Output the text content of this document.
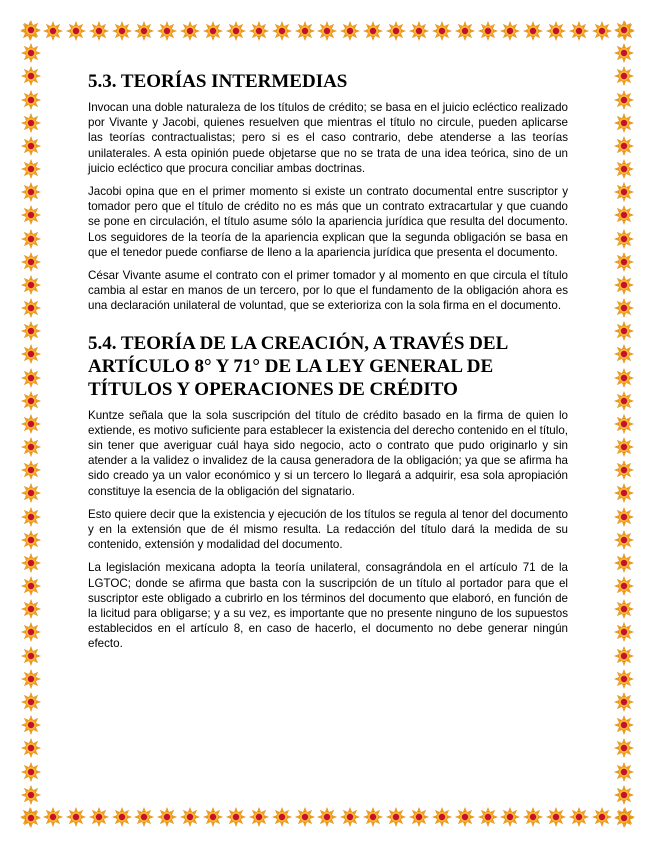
5.3. TEORÍAS INTERMEDIAS

Invocan una doble naturaleza de los títulos de crédito; se basa en el juicio ecléctico realizado por Vivante y Jacobi, quienes resuelven que mientras el título no circule, pueden aplicarse las teorías contractualistas; pero si es el caso contrario, debe atenderse a las teorías unilaterales. A esta opinión puede objetarse que no se trata de una idea teórica, sino de un juicio ecléctico que procura conciliar ambas doctrinas.

Jacobi opina que en el primer momento si existe un contrato documental entre suscriptor y tomador pero que el título de crédito no es más que un contrato extracartular y que cuando se pone en circulación, el título asume sólo la apariencia jurídica que resulta del documento. Los seguidores de la teoría de la apariencia explican que la segunda obligación se basa en que el tenedor puede confiarse de lleno a la apariencia jurídica que presenta el documento.

César Vivante asume el contrato con el primer tomador y al momento en que circula el título cambia al estar en manos de un tercero, por lo que el fundamento de la obligación ahora es una declaración unilateral de voluntad, que se exterioriza con la sola firma en el documento.

5.4. TEORÍA DE LA CREACIÓN, A TRAVÉS DEL ARTÍCULO 8° Y 71° DE LA LEY GENERAL DE TÍTULOS Y OPERACIONES DE CRÉDITO

Kuntze señala que la sola suscripción del título de crédito basado en la firma de quien lo extiende, es motivo suficiente para establecer la existencia del derecho contenido en el título, sin tener que averiguar cuál haya sido negocio, acto o contrato que pudo originarlo y sin atender a la validez o invalidez de la causa generadora de la obligación; ya que se afirma ha sido creado ya un valor económico y si un tercero lo llegará a adquirir, esa sola apropiación constituye la esencia de la obligación del signatario.

Esto quiere decir que la existencia y ejecución de los títulos se regula al tenor del documento y en la extensión que de él mismo resulta. La redacción del título dará la medida de su contenido, extensión y modalidad del documento.

La legislación mexicana adopta la teoría unilateral, consagrándola en el artículo 71 de la LGTOC; donde se afirma que basta con la suscripción de un título al portador para que el suscriptor este obligado a cubrirlo en los términos del documento que elaboró, en función de la licitud para obligarse; y a su vez, es importante que no presente ninguno de los supuestos establecidos en el artículo 8, en caso de hacerlo, el documento no debe generar ningún efecto.
